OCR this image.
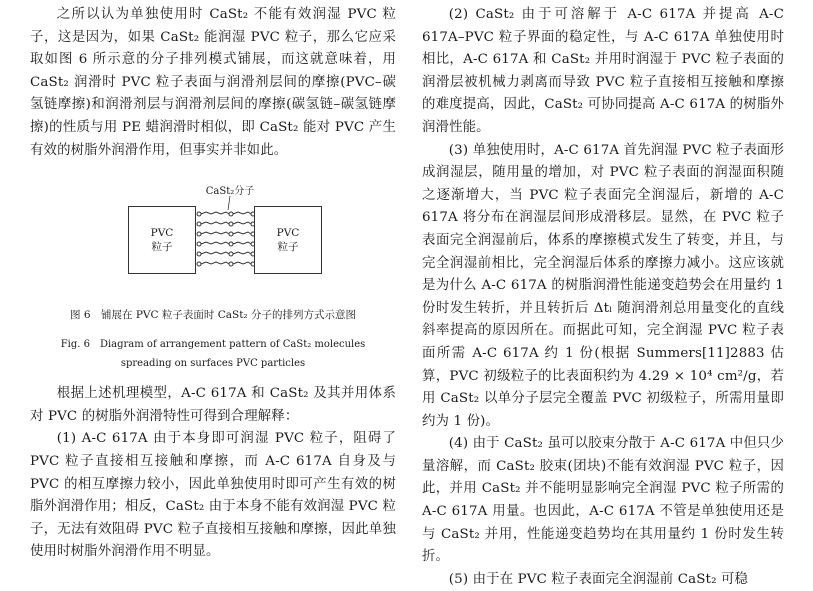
之所以认为单独使用时 CaSt₂ 不能有效润湿 PVC 粒子，这是因为，如果 CaSt₂ 能润湿 PVC 粒子，那么它应采取如图 6 所示意的分子排列模式铺展，而这就意味着，用 CaSt₂ 润滑时 PVC 粒子表面与润滑剂层间的摩擦(PVC–碳氢链摩擦)和润滑剂层与润滑剂层间的摩擦(碳氢链–碳氢链摩擦)的性质与用 PE 蜡润滑时相似，即 CaSt₂ 能对 PVC 产生有效的树脂外润滑作用，但事实并非如此。

CaSt₂分子
PVC
粒子
PVC
粒子
图 6　铺展在 PVC 粒子表面时 CaSt₂ 分子的排列方式示意图
Fig. 6　Diagram of arrangement pattern of CaSt₂ molecules
spreading on surfaces PVC particles

根据上述机理模型，A-C 617A 和 CaSt₂ 及其并用体系对 PVC 的树脂外润滑特性可得到合理解释：

(1) A-C 617A 由于本身即可润湿 PVC 粒子，阻碍了 PVC 粒子直接相互接触和摩擦，而 A-C 617A 自身及与 PVC 的相互摩擦力较小，因此单独使用时即可产生有效的树脂外润滑作用；相反，CaSt₂ 由于本身不能有效润湿 PVC 粒子，无法有效阻碍 PVC 粒子直接相互接触和摩擦，因此单独使用时树脂外润滑作用不明显。

(2) CaSt₂ 由于可溶解于 A-C 617A 并提高 A-C 617A–PVC 粒子界面的稳定性，与 A-C 617A 单独使用时相比，A-C 617A 和 CaSt₂ 并用时润湿于 PVC 粒子表面的润滑层被机械力剥离而导致 PVC 粒子直接相互接触和摩擦的难度提高，因此，CaSt₂ 可协同提高 A-C 617A 的树脂外润滑性能。

(3) 单独使用时，A-C 617A 首先润湿 PVC 粒子表面形成润湿层，随用量的增加，对 PVC 粒子表面的润湿面积随之逐渐增大，当 PVC 粒子表面完全润湿后，新增的 A-C 617A 将分布在润湿层间形成滑移层。显然，在 PVC 粒子表面完全润湿前后，体系的摩擦模式发生了转变，并且，与完全润湿前相比，完全润湿后体系的摩擦力减小。这应该就是为什么 A-C 617A 的树脂润滑性能递变趋势会在用量约 1 份时发生转折，并且转折后 Δtₗ 随润滑剂总用量变化的直线斜率提高的原因所在。而据此可知，完全润湿 PVC 粒子表面所需 A-C 617A 约 1 份(根据 Summers[11]2883 估算，PVC 初级粒子的比表面积约为 4.29 × 10⁴ cm²/g，若用 CaSt₂ 以单分子层完全覆盖 PVC 初级粒子，所需用量即约为 1 份)。

(4) 由于 CaSt₂ 虽可以胶束分散于 A-C 617A 中但只少量溶解，而 CaSt₂ 胶束(团块)不能有效润湿 PVC 粒子，因此，并用 CaSt₂ 并不能明显影响完全润湿 PVC 粒子所需的 A-C 617A 用量。也因此，A-C 617A 不管是单独使用还是与 CaSt₂ 并用，性能递变趋势均在其用量约 1 份时发生转折。

(5) 由于在 PVC 粒子表面完全润湿前 CaSt₂ 可稳
